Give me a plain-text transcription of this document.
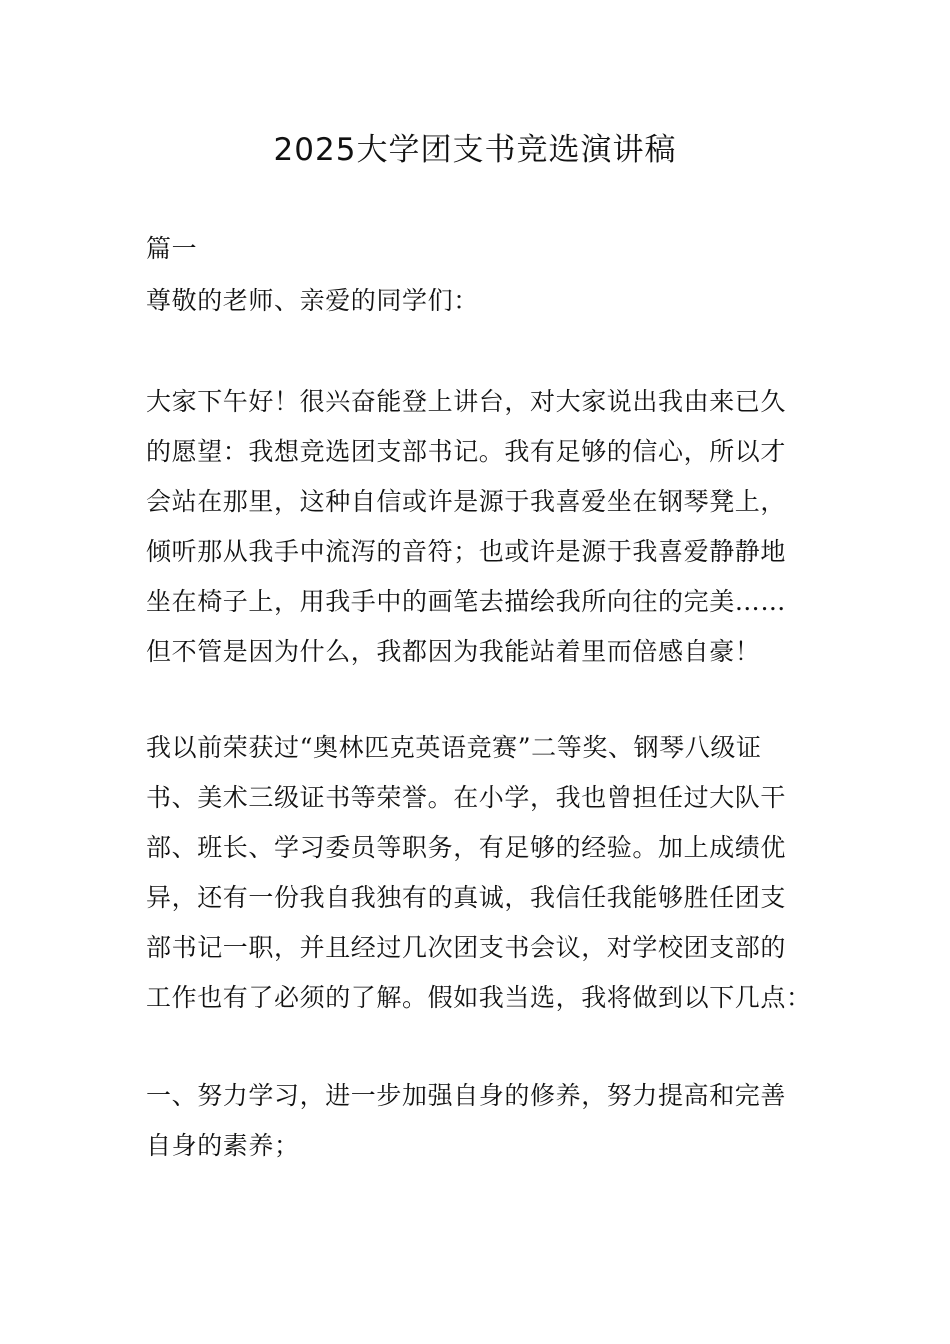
2025大学团支书竞选演讲稿

篇一

尊敬的老师、亲爱的同学们：

大家下午好！很兴奋能登上讲台，对大家说出我由来已久

的愿望：我想竞选团支部书记。我有足够的信心，所以才

会站在那里，这种自信或许是源于我喜爱坐在钢琴凳上，

倾听那从我手中流泻的音符；也或许是源于我喜爱静静地

坐在椅子上，用我手中的画笔去描绘我所向往的完美……

但不管是因为什么，我都因为我能站着里而倍感自豪！

我以前荣获过“奥林匹克英语竞赛”二等奖、钢琴八级证

书、美术三级证书等荣誉。在小学，我也曾担任过大队干

部、班长、学习委员等职务，有足够的经验。加上成绩优

异，还有一份我自我独有的真诚，我信任我能够胜任团支

部书记一职，并且经过几次团支书会议，对学校团支部的

工作也有了必须的了解。假如我当选，我将做到以下几点：

一、努力学习，进一步加强自身的修养，努力提高和完善

自身的素养；
